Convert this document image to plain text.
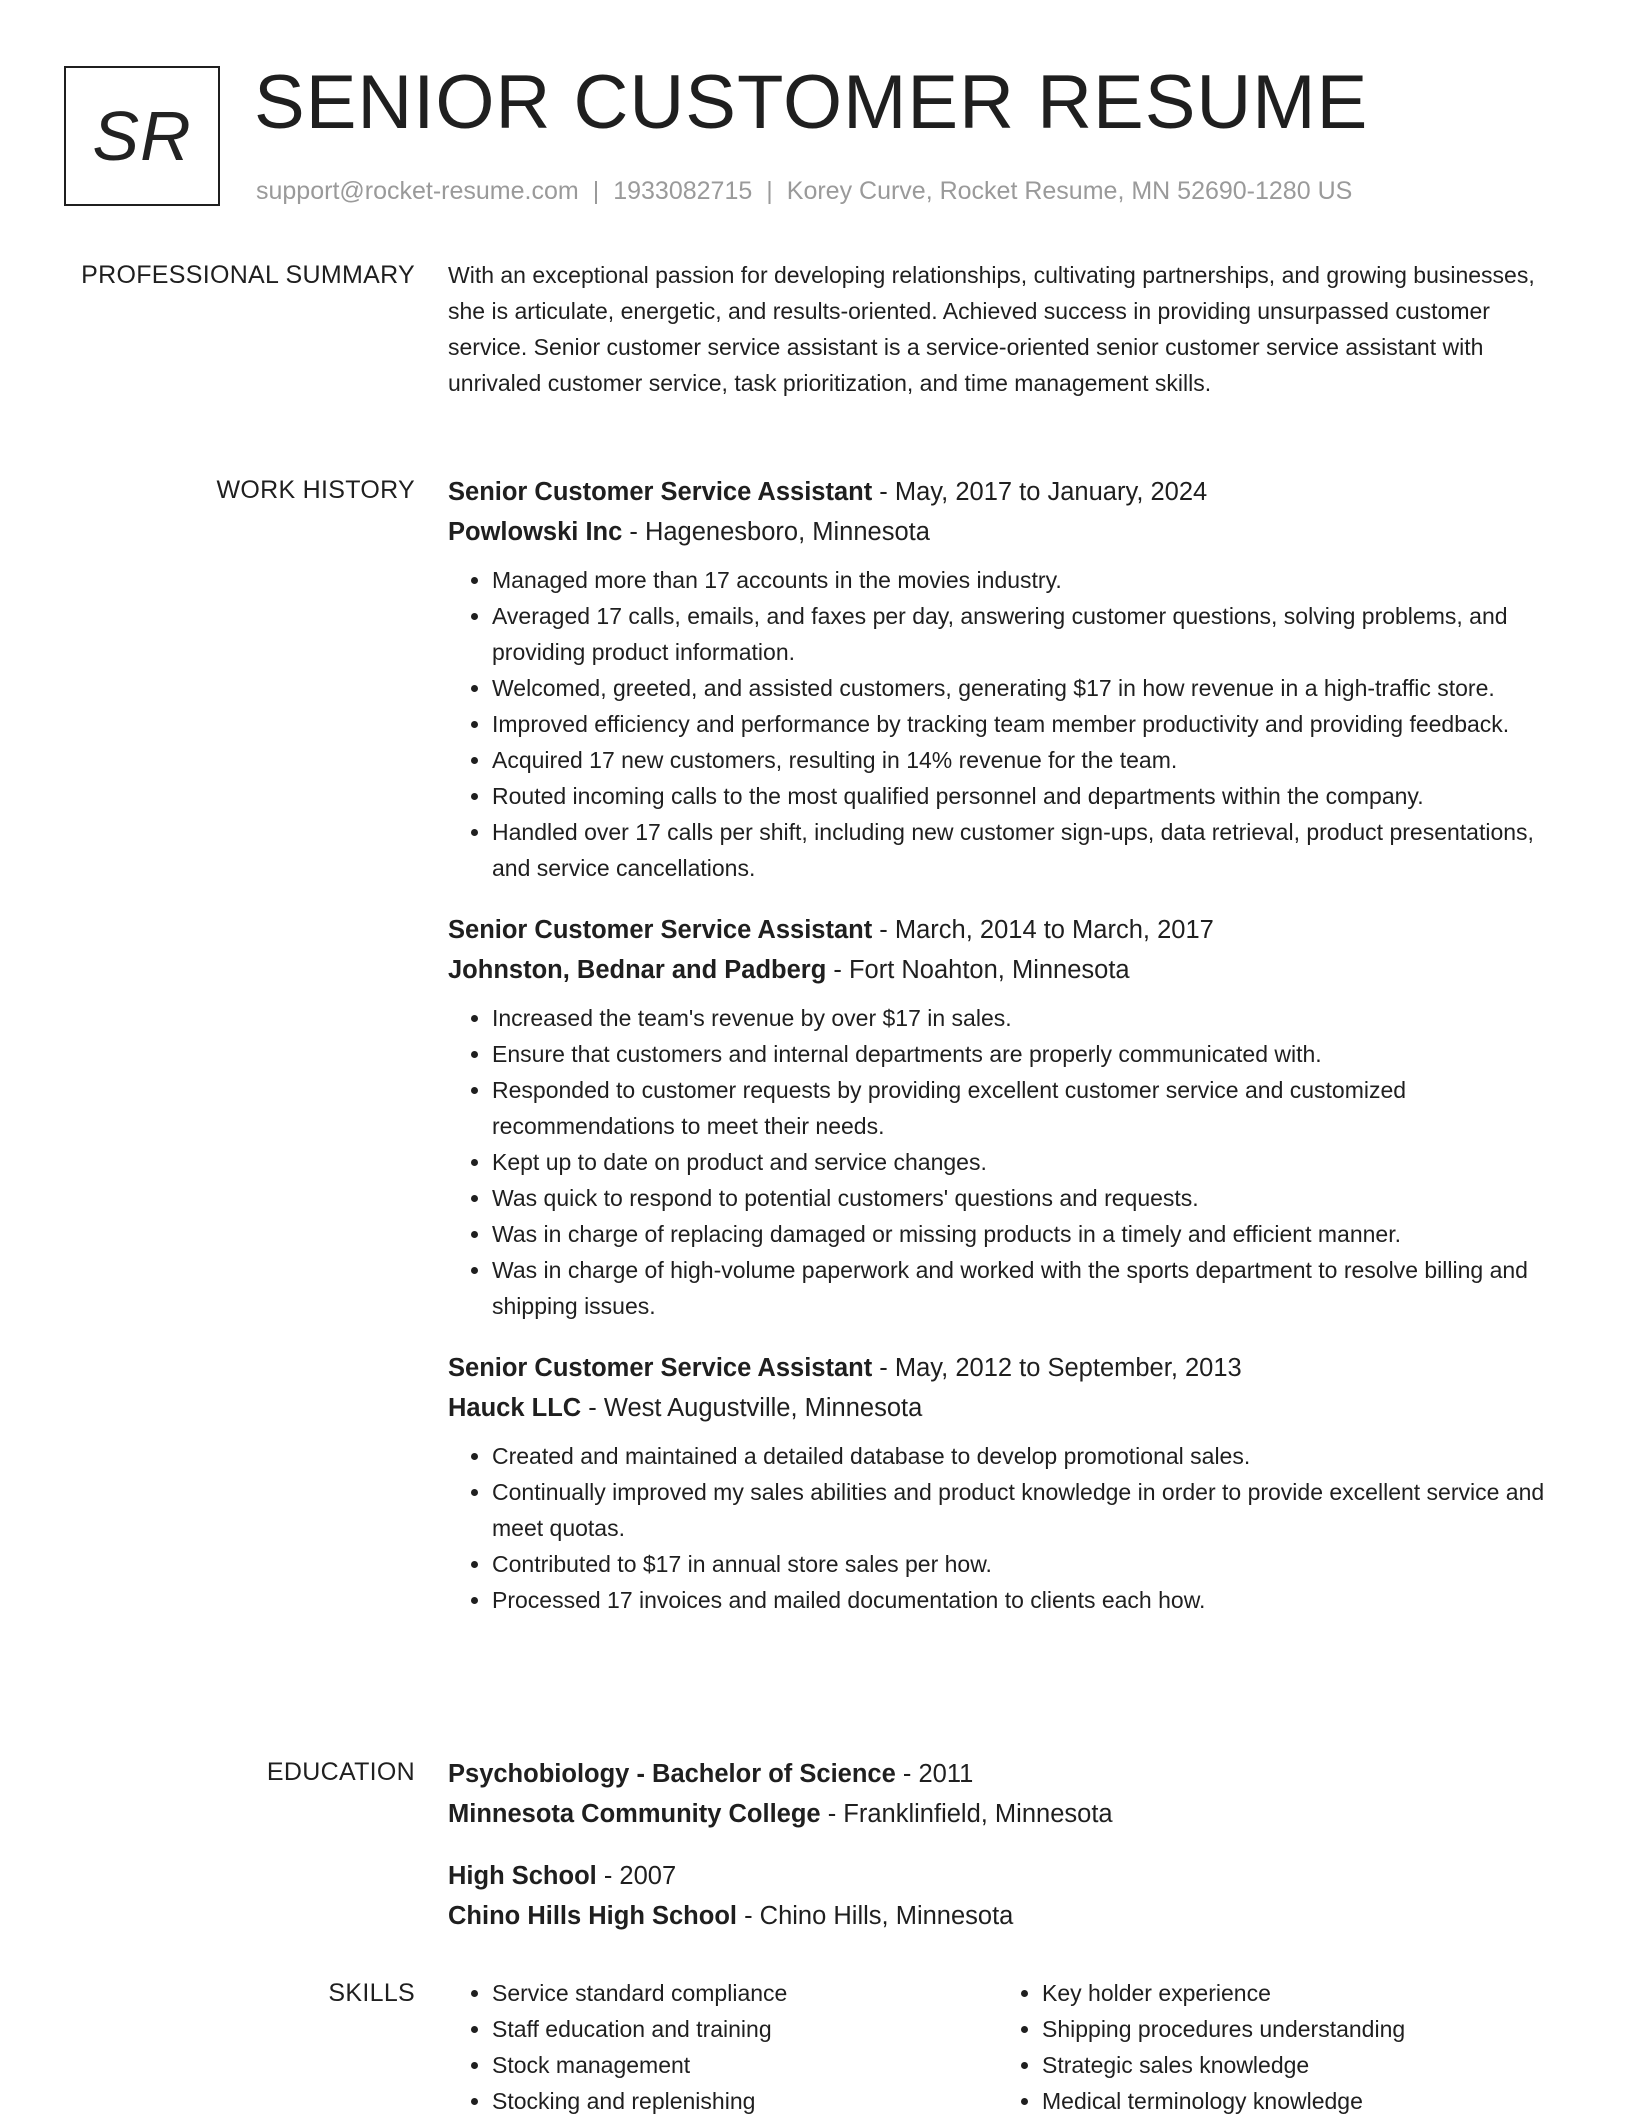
SR SENIOR CUSTOMER RESUME
support@rocket-resume.com | 1933082715 | Korey Curve, Rocket Resume, MN 52690-1280 US
PROFESSIONAL SUMMARY With an exceptional passion for developing relationships, cultivating partnerships, and growing businesses, she is articulate, energetic, and results-oriented. Achieved success in providing unsurpassed customer service. Senior customer service assistant is a service-oriented senior customer service assistant with unrivaled customer service, task prioritization, and time management skills.

WORK HISTORY Senior Customer Service Assistant - May, 2017 to January, 2024
Powlowski Inc - Hagenesboro, Minnesota
• Managed more than 17 accounts in the movies industry.
• Averaged 17 calls, emails, and faxes per day, answering customer questions, solving problems, and providing product information.
• Welcomed, greeted, and assisted customers, generating $17 in how revenue in a high-traffic store.
• Improved efficiency and performance by tracking team member productivity and providing feedback.
• Acquired 17 new customers, resulting in 14% revenue for the team.
• Routed incoming calls to the most qualified personnel and departments within the company.
• Handled over 17 calls per shift, including new customer sign-ups, data retrieval, product presentations, and service cancellations.
Senior Customer Service Assistant - March, 2014 to March, 2017
Johnston, Bednar and Padberg - Fort Noahton, Minnesota
• Increased the team's revenue by over $17 in sales.
• Ensure that customers and internal departments are properly communicated with.
• Responded to customer requests by providing excellent customer service and customized recommendations to meet their needs.
• Kept up to date on product and service changes.
• Was quick to respond to potential customers' questions and requests.
• Was in charge of replacing damaged or missing products in a timely and efficient manner.
• Was in charge of high-volume paperwork and worked with the sports department to resolve billing and shipping issues.
Senior Customer Service Assistant - May, 2012 to September, 2013
Hauck LLC - West Augustville, Minnesota
• Created and maintained a detailed database to develop promotional sales.
• Continually improved my sales abilities and product knowledge in order to provide excellent service and meet quotas.
• Contributed to $17 in annual store sales per how.
• Processed 17 invoices and mailed documentation to clients each how.
EDUCATION Psychobiology - Bachelor of Science - 2011
Minnesota Community College - Franklinfield, Minnesota
High School - 2007
Chino Hills High School - Chino Hills, Minnesota
SKILLS
•	Service standard compliance
• Staff education and training
• Stock management
• Stocking and replenishing
• Key holder experience
• Shipping procedures understanding
• Strategic sales knowledge
• Medical terminology knowledge
